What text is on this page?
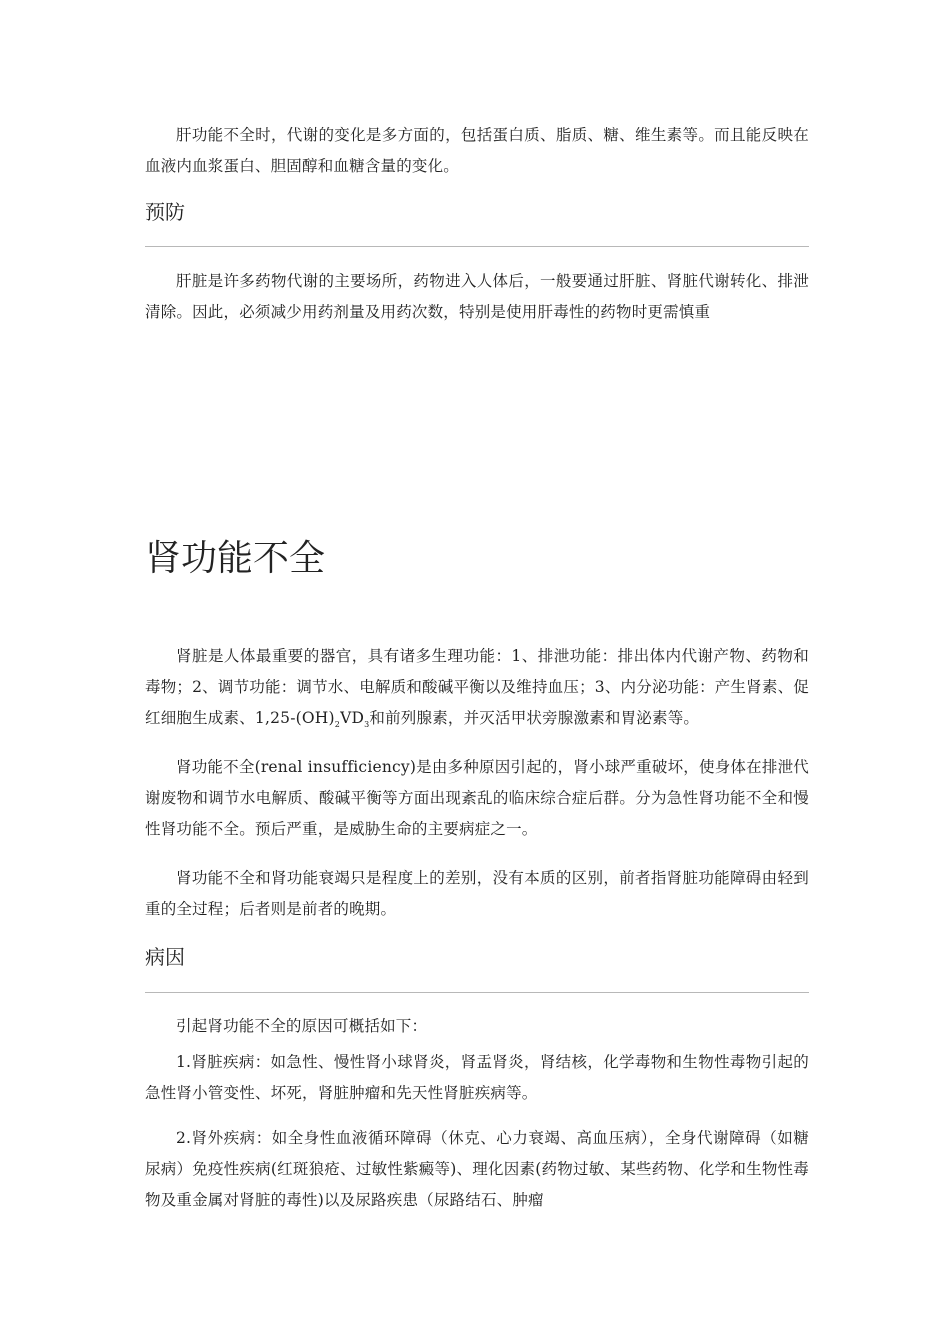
肝功能不全时，代谢的变化是多方面的，包括蛋白质、脂质、糖、维生素等。而且能反映在血液内血浆蛋白、胆固醇和血糖含量的变化。

预防

肝脏是许多药物代谢的主要场所，药物进入人体后，一般要通过肝脏、肾脏代谢转化、排泄清除。因此，必须减少用药剂量及用药次数，特别是使用肝毒性的药物时更需慎重

肾功能不全

肾脏是人体最重要的器官，具有诸多生理功能：1、排泄功能：排出体内代谢产物、药物和毒物；2、调节功能：调节水、电解质和酸碱平衡以及维持血压；3、内分泌功能：产生肾素、促红细胞生成素、$1,25-(OH)_2VD_3$和前列腺素，并灭活甲状旁腺激素和胃泌素等。

肾功能不全(renal insufficiency)是由多种原因引起的，肾小球严重破坏，使身体在排泄代谢废物和调节水电解质、酸碱平衡等方面出现紊乱的临床综合症后群。分为急性肾功能不全和慢性肾功能不全。预后严重，是威胁生命的主要病症之一。

肾功能不全和肾功能衰竭只是程度上的差别，没有本质的区别，前者指肾脏功能障碍由轻到重的全过程；后者则是前者的晚期。

病因

引起肾功能不全的原因可概括如下：

1.肾脏疾病：如急性、慢性肾小球肾炎，肾盂肾炎，肾结核，化学毒物和生物性毒物引起的急性肾小管变性、坏死，肾脏肿瘤和先天性肾脏疾病等。

2.肾外疾病：如全身性血液循环障碍（休克、心力衰竭、高血压病），全身代谢障碍（如糖尿病）免疫性疾病(红斑狼疮、过敏性紫癜等)、理化因素(药物过敏、某些药物、化学和生物性毒物及重金属对肾脏的毒性)以及尿路疾患（尿路结石、肿瘤
